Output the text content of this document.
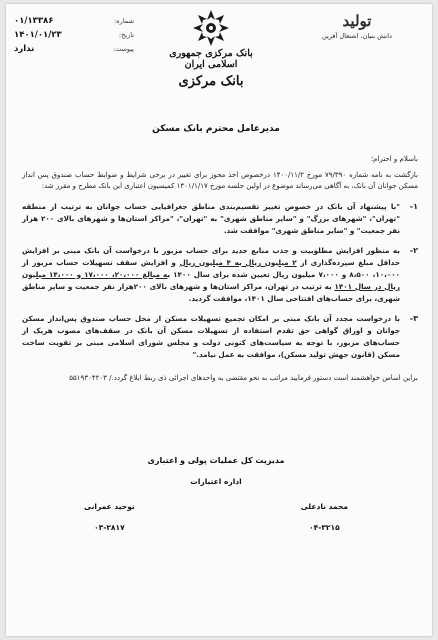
شماره:
۰۱/۱۳۳۸۶
تاریخ:
۱۴۰۱/۰۱/۲۳
پیوست:
ندارد	بانک مرکزی جمهوری اسلامی ایران
بانک مرکزی
تولید
دانش بنیان، اشتغال آفرین
مدیرعامل محترم بانک مسکن

باسلام و احترام؛

بازگشت به نامه شماره ۷۹/۳۹۰ مورخ ۱۴۰۰/۱۱/۲ درخصوص اخذ مجوز برای تغییر در برخی شرایط و ضوابط حساب صندوق پس انداز مسکن جوانان آن بانک، به آگاهی می‌رساند موضوع در اولین جلسه مورخ ۱۴۰۱/۱/۱۷ کمیسیون اعتباری این بانک مطرح و مقرر شد:

۱-
"با پیشنهاد آن بانک در خصوص تغییر تقسیم‌بندی مناطق جغرافیایی حساب جوانان به ترتیب از منطقه "تهران"، "شهرهای بزرگ" و "سایر مناطق شهری" به "تهران"، "مراکز استان‌ها و شهرهای بالای ۲۰۰ هزار نفر جمعیت" و "سایر مناطق شهری" موافقت شد.
۲-
به منظور افزایش مطلوبیت و جذب منابع جدید برای حساب مزبور با درخواست آن بانک مبنی بر افزایش حداقل مبلغ سپرده‌گذاری از ۲ میلیون ریال به ۴ میلیون ریال و افزایش سقف تسهیلات حساب مزبور از ۱۰،۰۰۰، ۸،۵۰۰ و ۷،۰۰۰ میلیون ریال تعیین شده برای سال ۱۴۰۰ به مبالغ ۲۰،۰۰۰، ۱۷،۰۰۰ و ۱۴،۰۰۰ میلیون ریال در سال ۱۴۰۱ به ترتیب در تهران، مراکز استان‌ها و شهرهای بالای ۲۰۰هزار نفر جمعیت و سایر مناطق شهری، برای حساب‌های افتتاحی سال ۱۴۰۱، موافقت گردید.
۳-
با درخواست مجدد آن بانک مبنی بر امکان تجمیع تسهیلات مسکن از محل حساب صندوق پس‌انداز مسکن جوانان و اوراق گواهی حق تقدم استفاده از تسهیلات مسکن آن بانک در سقف‌های مصوب هریک از حساب‌های مزبور، با توجه به سیاست‌های کنونی دولت و مجلس شورای اسلامی مبنی بر تقویت ساخت مسکن (قانون جهش تولید مسکن)، موافقت به عمل نیامد."

براین اساس خواهشمند است دستور فرمایید مراتب به نحو مقتضی به واحدهای اجرائی ذی ربط ابلاغ گردد./ ۵۵۱۹۳۰۴۲۰۳

مدیریت کل عملیات پولی و اعتباری
اداره اعتبارات
محمد نادعلی
۰۴-۳۲۱۵
توحید عمرانی
۰۳-۲۸۱۷
